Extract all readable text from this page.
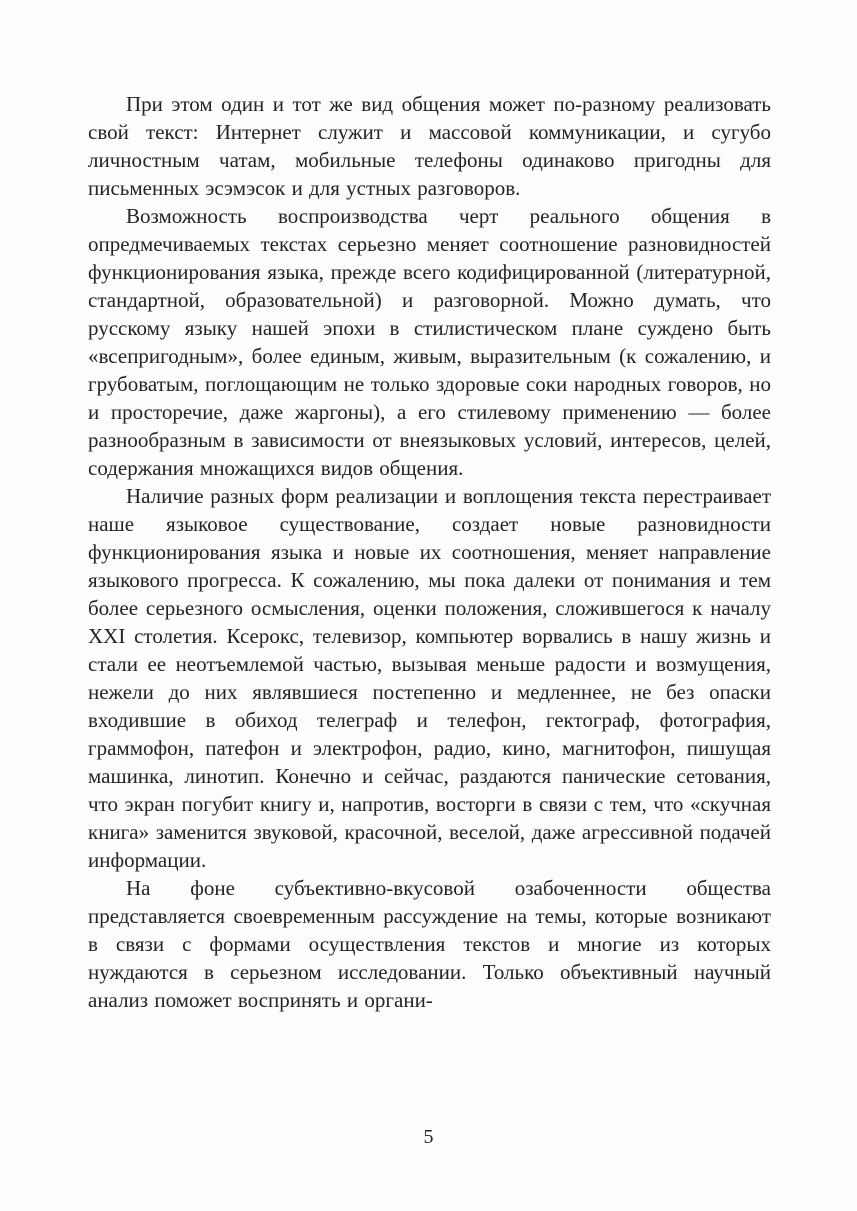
При этом один и тот же вид общения может по-разному реализовать свой текст: Интернет служит и массовой коммуникации, и сугубо личностным чатам, мобильные телефоны одинаково пригодны для письменных эсэмэсок и для устных разговоров.

Возможность воспроизводства черт реального общения в опредмечиваемых текстах серьезно меняет соотношение разновидностей функционирования языка, прежде всего кодифицированной (литературной, стандартной, образовательной) и разговорной. Можно думать, что русскому языку нашей эпохи в стилистическом плане суждено быть «всепригодным», более единым, живым, выразительным (к сожалению, и грубоватым, поглощающим не только здоровые соки народных говоров, но и просторечие, даже жаргоны), а его стилевому применению — более разнообразным в зависимости от внеязыковых условий, интересов, целей, содержания множащихся видов общения.

Наличие разных форм реализации и воплощения текста перестраивает наше языковое существование, создает новые разновидности функционирования языка и новые их соотношения, меняет направление языкового прогресса. К сожалению, мы пока далеки от понимания и тем более серьезного осмысления, оценки положения, сложившегося к началу XXI столетия. Ксерокс, телевизор, компьютер ворвались в нашу жизнь и стали ее неотъемлемой частью, вызывая меньше радости и возмущения, нежели до них являвшиеся постепенно и медленнее, не без опаски входившие в обиход телеграф и телефон, гектограф, фотография, граммофон, патефон и электрофон, радио, кино, магнитофон, пишущая машинка, линотип. Конечно и сейчас, раздаются панические сетования, что экран погубит книгу и, напротив, восторги в связи с тем, что «скучная книга» заменится звуковой, красочной, веселой, даже агрессивной подачей информации.

На фоне субъективно-вкусовой озабоченности общества представляется своевременным рассуждение на темы, которые возникают в связи с формами осуществления текстов и многие из которых нуждаются в серьезном исследовании. Только объективный научный анализ поможет воспринять и органи-

5
